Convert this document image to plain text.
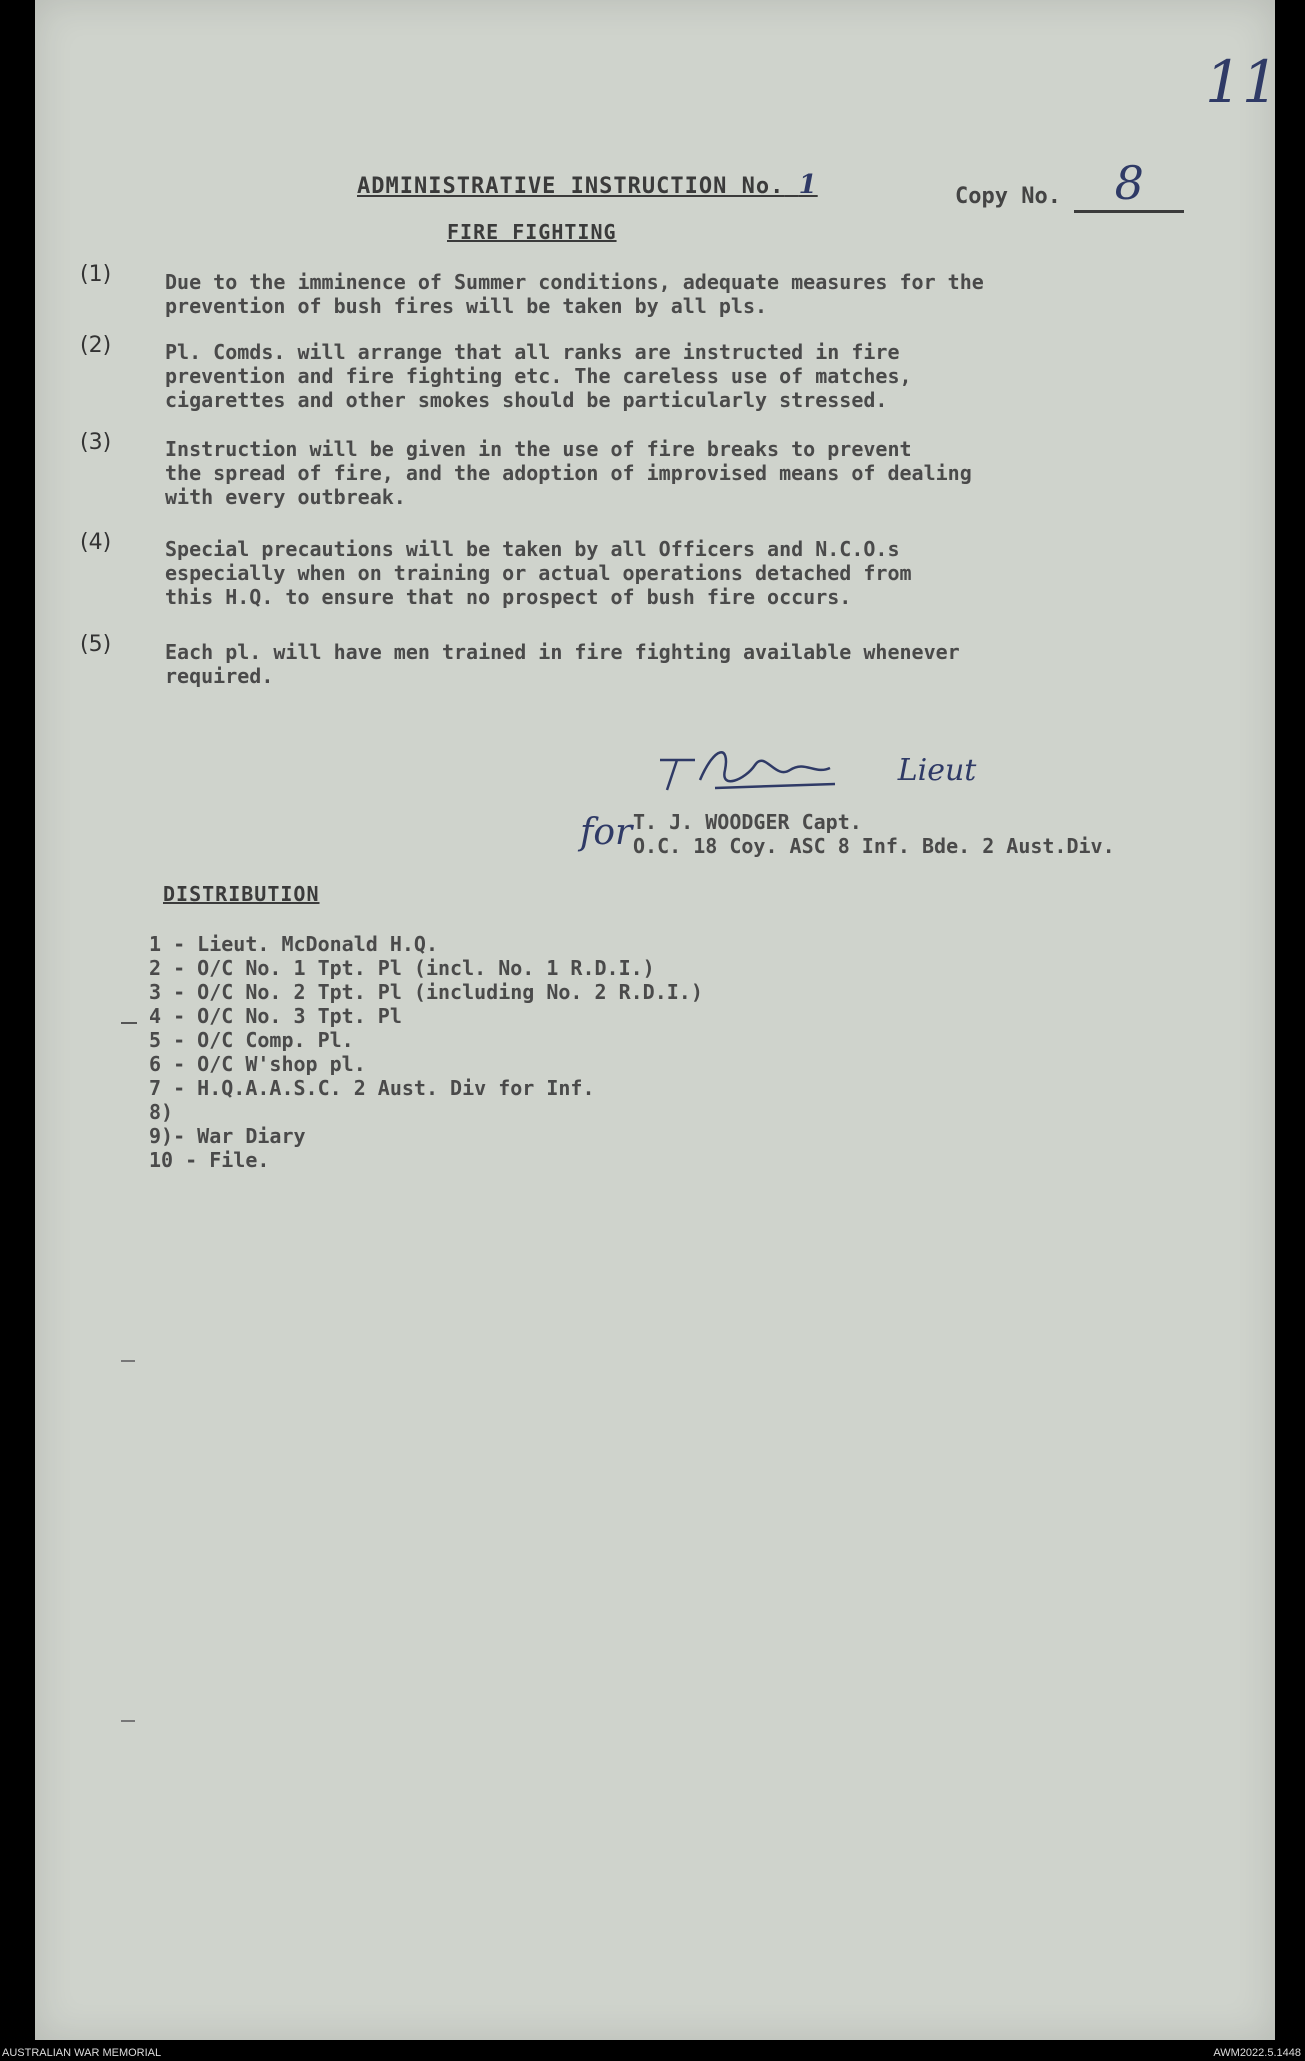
11
ADMINISTRATIVE INSTRUCTION No. 1	Copy No. 8
FIRE FIGHTING
(1)	Due to the imminence of Summer conditions, adequate measures for the
prevention of bush fires will be taken by all pls.
(2)	Pl. Comds. will arrange that all ranks are instructed in fire
prevention and fire fighting etc. The careless use of matches,
cigarettes and other smokes should be particularly stressed.
(3)	Instruction will be given in the use of fire breaks to prevent
the spread of fire, and the adoption of improvised means of dealing
with every outbreak.
(4)	Special precautions will be taken by all Officers and N.C.O.s
especially when on training or actual operations detached from
this H.Q. to ensure that no prospect of bush fire occurs.
(5)	Each pl. will have men trained in fire fighting available whenever
required.
Lieut
for T. J. WOODGER Capt.
O.C. 18 Coy. ASC 8 Inf. Bde. 2 Aust.Div.
DISTRIBUTION
1 - Lieut. McDonald H.Q.
2 - O/C No. 1 Tpt. Pl (incl. No. 1 R.D.I.)
3 - O/C No. 2 Tpt. Pl (including No. 2 R.D.I.)
4 - O/C No. 3 Tpt. Pl
5 - O/C Comp. Pl.
6 - O/C W'shop pl.
7 - H.Q.A.A.S.C. 2 Aust. Div for Inf.
8)
9)- War Diary
10 - File.
AUSTRALIAN WAR MEMORIAL	AWM2022.5.1448
